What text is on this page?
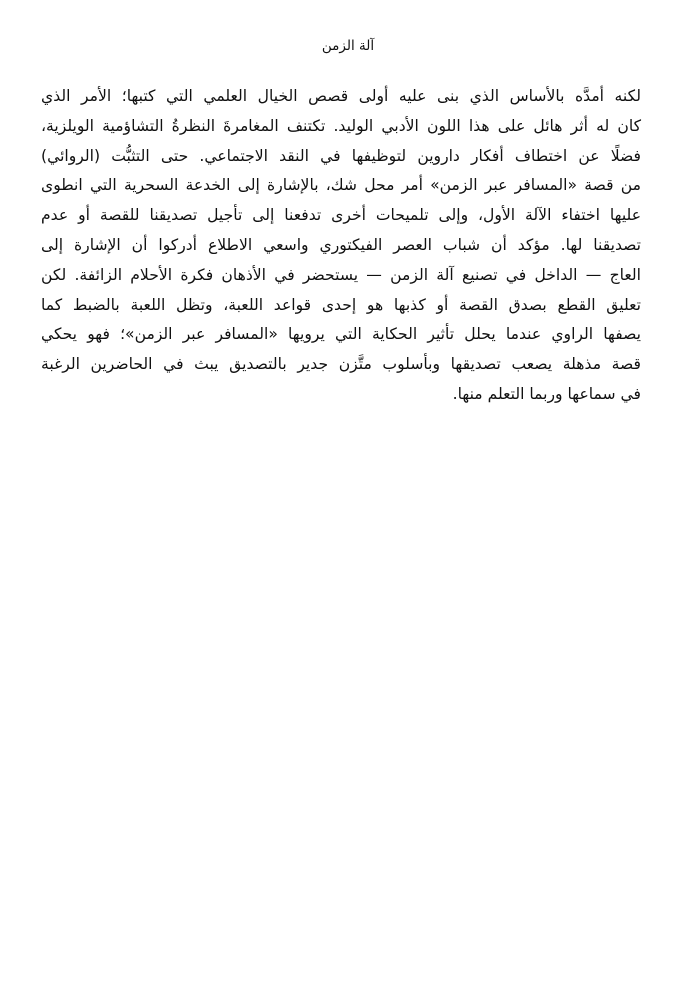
آلة الزمن
لكنه أمدَّه بالأساس الذي بنى عليه أولى قصص الخيال العلمي التي كتبها؛ الأمر الذي
كان له أثر هائل على هذا اللون الأدبي الوليد. تكتنف المغامرةَ النظرةُ التشاؤمية الويلزية،
فضلًا عن اختطاف أفكار داروين لتوظيفها في النقد الاجتماعي. حتى التثبُّت (الروائي)
من قصة «المسافر عبر الزمن» أمر محل شك، بالإشارة إلى الخدعة السحرية التي انطوى
عليها اختفاء الآلة الأول، وإلى تلميحات أخرى تدفعنا إلى تأجيل تصديقنا للقصة أو عدم
تصديقنا لها. مؤكد أن شباب العصر الفيكتوري واسعي الاطلاع أدركوا أن الإشارة إلى
العاج — الداخل في تصنيع آلة الزمن — يستحضر في الأذهان فكرة الأحلام الزائفة. لكن
تعليق القطع بصدق القصة أو كذبها هو إحدى قواعد اللعبة، وتظل اللعبة بالضبط كما
يصفها الراوي عندما يحلل تأثير الحكاية التي يرويها «المسافر عبر الزمن»؛ فهو يحكي
قصة مذهلة يصعب تصديقها وبأسلوب متَّزن جدير بالتصديق يبث في الحاضرين الرغبة
في سماعها وربما التعلم منها.
